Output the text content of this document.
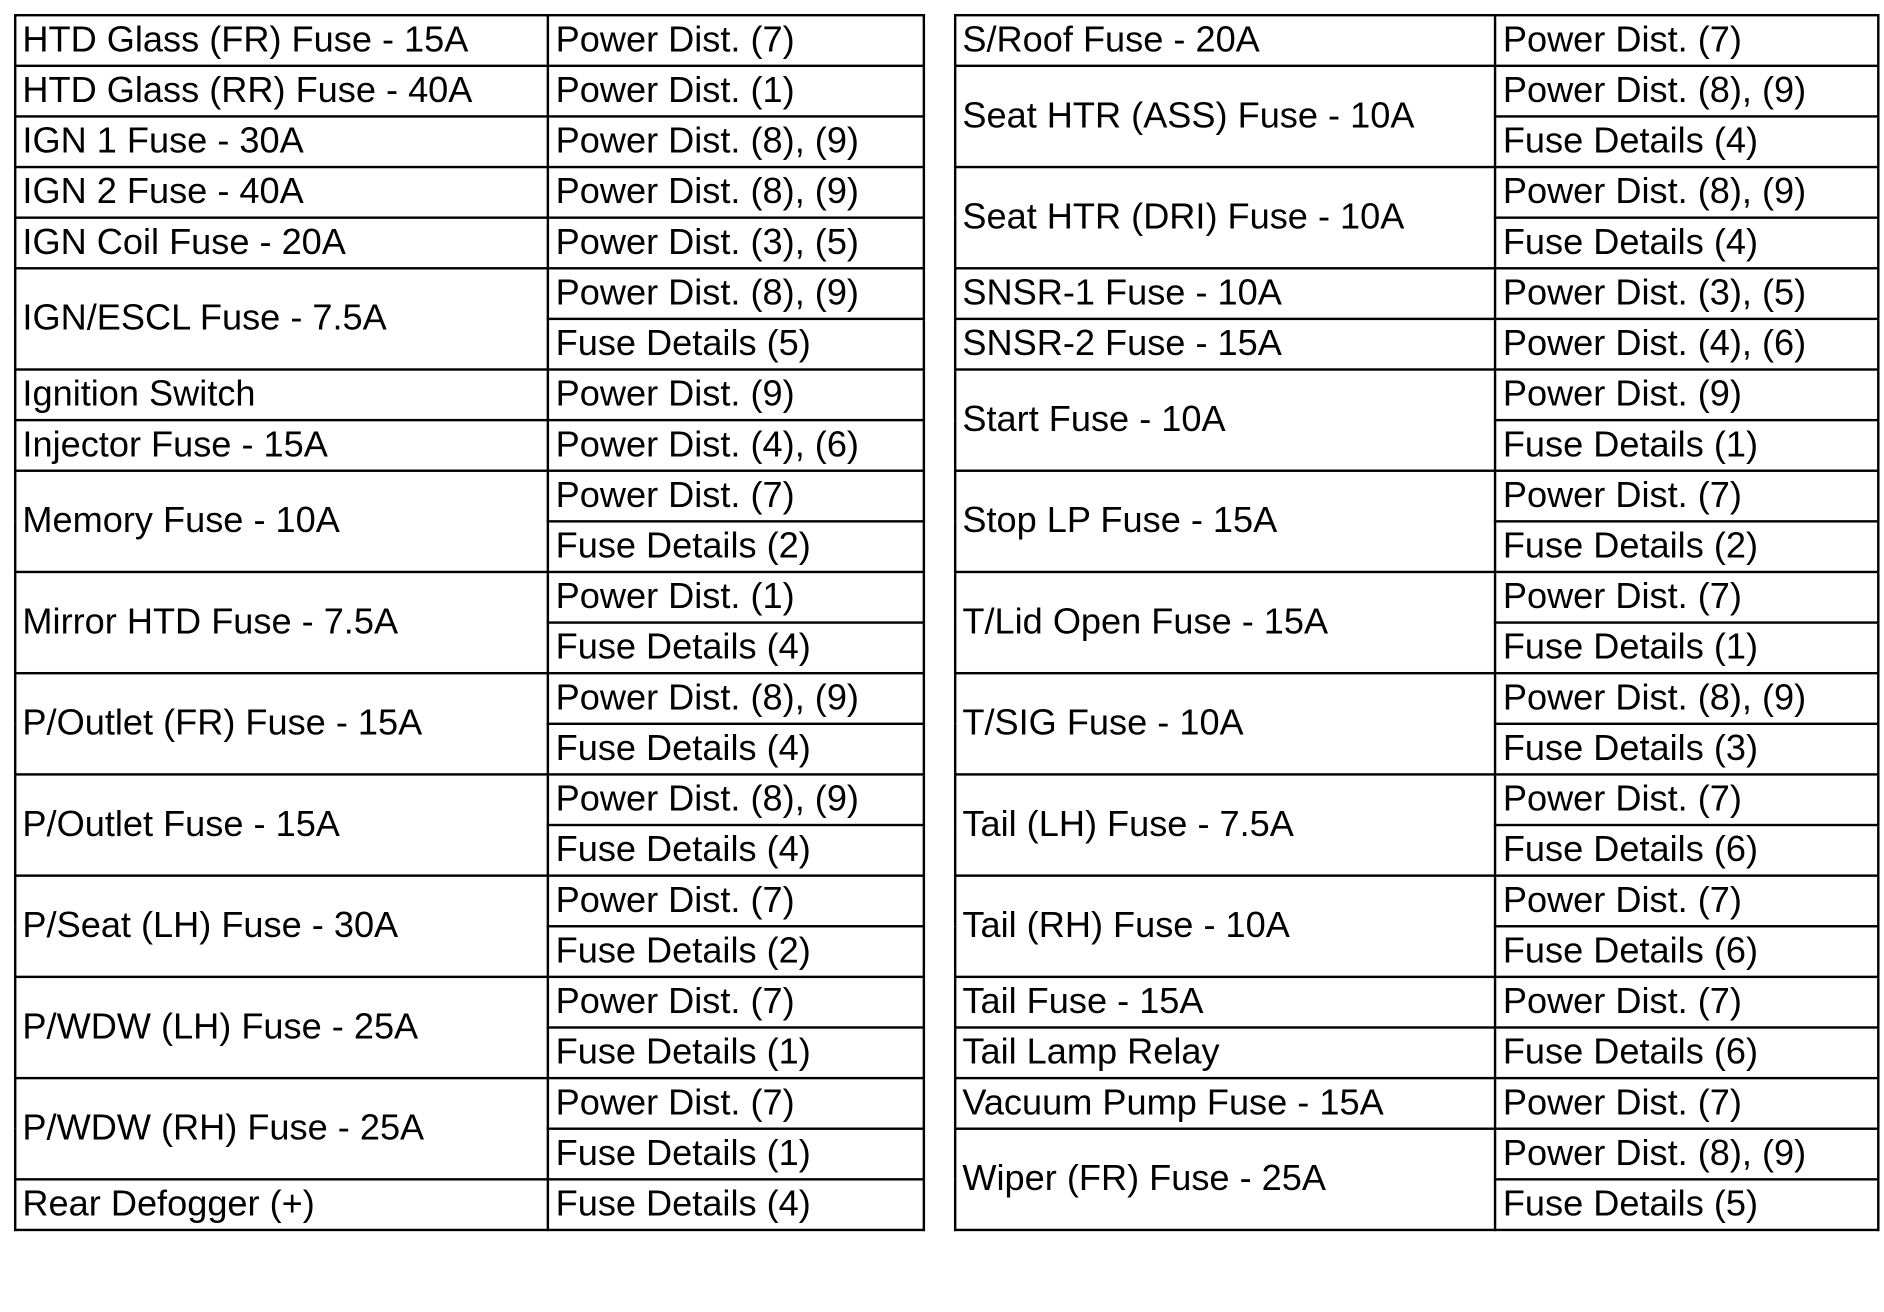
HTD Glass (FR) Fuse - 15A	Power Dist. (7)
HTD Glass (RR) Fuse - 40A	Power Dist. (1)
IGN 1 Fuse - 30A	Power Dist. (8), (9)
IGN 2 Fuse - 40A	Power Dist. (8), (9)
IGN Coil Fuse - 20A	Power Dist. (3), (5)
IGN/ESCL Fuse - 7.5A	Power Dist. (8), (9)
	Fuse Details (5)
Ignition Switch	Power Dist. (9)
Injector Fuse - 15A	Power Dist. (4), (6)
Memory Fuse - 10A	Power Dist. (7)
	Fuse Details (2)
Mirror HTD Fuse - 7.5A	Power Dist. (1)
	Fuse Details (4)
P/Outlet (FR) Fuse - 15A	Power Dist. (8), (9)
	Fuse Details (4)
P/Outlet Fuse - 15A	Power Dist. (8), (9)
	Fuse Details (4)
P/Seat (LH) Fuse - 30A	Power Dist. (7)
	Fuse Details (2)
P/WDW (LH) Fuse - 25A	Power Dist. (7)
	Fuse Details (1)
P/WDW (RH) Fuse - 25A	Power Dist. (7)
	Fuse Details (1)
Rear Defogger (+)	Fuse Details (4)
S/Roof Fuse - 20A	Power Dist. (7)
Seat HTR (ASS) Fuse - 10A	Power Dist. (8), (9)
	Fuse Details (4)
Seat HTR (DRI) Fuse - 10A	Power Dist. (8), (9)
	Fuse Details (4)
SNSR-1 Fuse - 10A	Power Dist. (3), (5)
SNSR-2 Fuse - 15A	Power Dist. (4), (6)
Start Fuse - 10A	Power Dist. (9)
	Fuse Details (1)
Stop LP Fuse - 15A	Power Dist. (7)
	Fuse Details (2)
T/Lid Open Fuse - 15A	Power Dist. (7)
	Fuse Details (1)
T/SIG Fuse - 10A	Power Dist. (8), (9)
	Fuse Details (3)
Tail (LH) Fuse - 7.5A	Power Dist. (7)
	Fuse Details (6)
Tail (RH) Fuse - 10A	Power Dist. (7)
	Fuse Details (6)
Tail Fuse - 15A	Power Dist. (7)
Tail Lamp Relay	Fuse Details (6)
Vacuum Pump Fuse - 15A	Power Dist. (7)
Wiper (FR) Fuse - 25A	Power Dist. (8), (9)
	Fuse Details (5)
